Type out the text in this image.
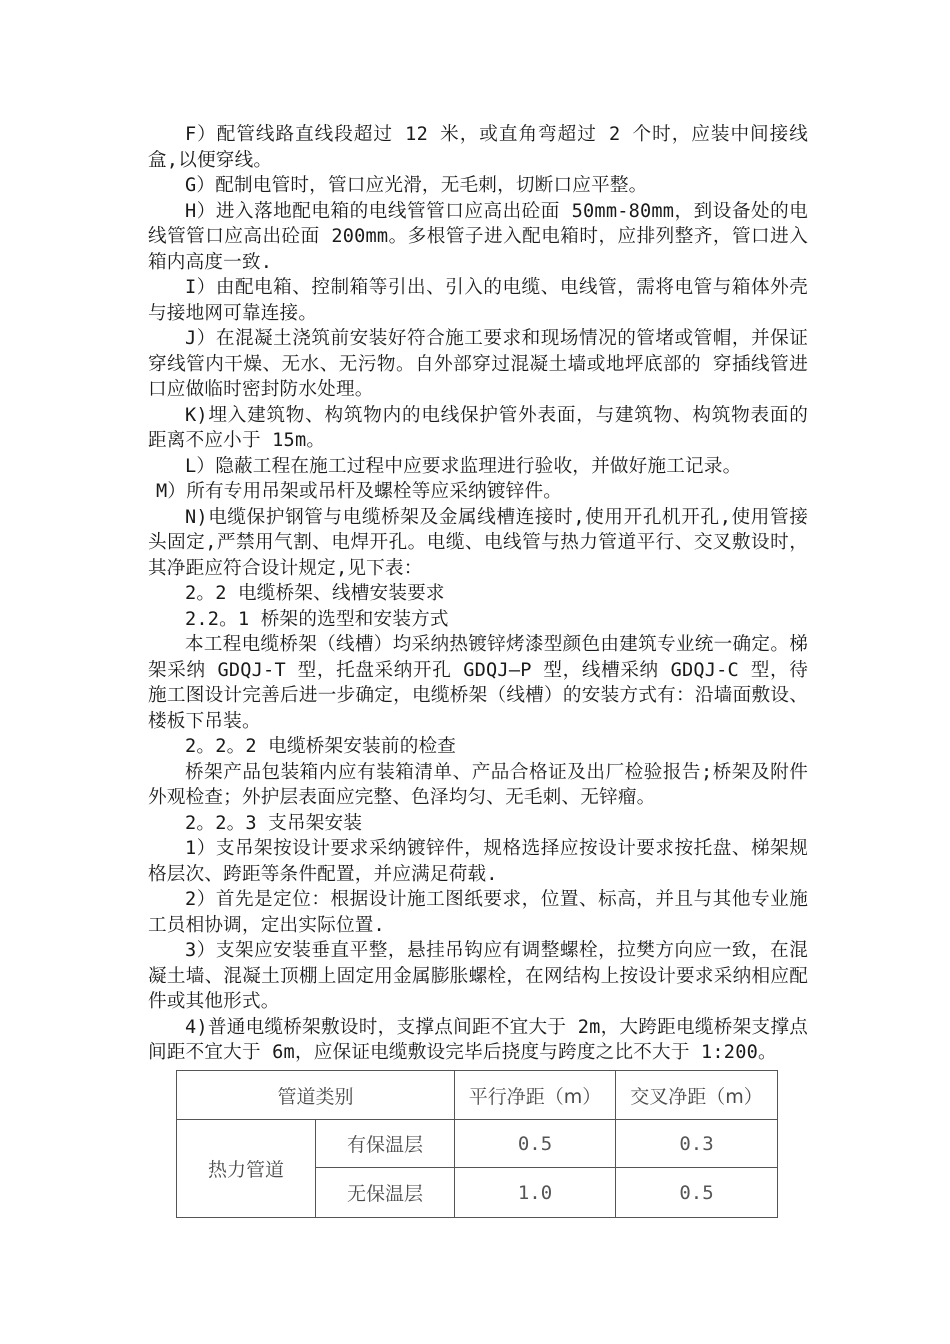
F）配管线路直线段超过 12 米，或直角弯超过 2 个时，应装中间接线盒,以便穿线。

G）配制电管时，管口应光滑，无毛刺，切断口应平整。

H）进入落地配电箱的电线管管口应高出砼面 50mm-80mm，到设备处的电线管管口应高出砼面 200mm。多根管子进入配电箱时，应排列整齐，管口进入箱内高度一致.

I）由配电箱、控制箱等引出、引入的电缆、电线管，需将电管与箱体外壳与接地网可靠连接。

J）在混凝土浇筑前安装好符合施工要求和现场情况的管堵或管帽，并保证穿线管内干燥、无水、无污物。自外部穿过混凝土墙或地坪底部的 穿插线管进口应做临时密封防水处理。

K)埋入建筑物、构筑物内的电线保护管外表面，与建筑物、构筑物表面的距离不应小于 15m。

L）隐蔽工程在施工过程中应要求监理进行验收，并做好施工记录。

M）所有专用吊架或吊杆及螺栓等应采纳镀锌件。

N)电缆保护钢管与电缆桥架及金属线槽连接时,使用开孔机开孔,使用管接头固定,严禁用气割、电焊开孔。电缆、电线管与热力管道平行、交叉敷设时，其净距应符合设计规定,见下表：

2。2 电缆桥架、线槽安装要求

2.2。1 桥架的选型和安装方式

本工程电缆桥架（线槽）均采纳热镀锌烤漆型颜色由建筑专业统一确定。梯架采纳 GDQJ-T 型，托盘采纳开孔 GDQJ—P 型，线槽采纳 GDQJ-C 型，待施工图设计完善后进一步确定，电缆桥架（线槽）的安装方式有：沿墙面敷设、楼板下吊装。

2。2。2 电缆桥架安装前的检查

桥架产品包装箱内应有装箱清单、产品合格证及出厂检验报告;桥架及附件外观检查；外护层表面应完整、色泽均匀、无毛刺、无锌瘤。

2。2。3 支吊架安装

1）支吊架按设计要求采纳镀锌件，规格选择应按设计要求按托盘、梯架规格层次、跨距等条件配置，并应满足荷载.

2）首先是定位：根据设计施工图纸要求，位置、标高，并且与其他专业施工员相协调，定出实际位置.

3）支架应安装垂直平整，悬挂吊钩应有调整螺栓，拉樊方向应一致，在混凝土墙、混凝土顶棚上固定用金属膨胀螺栓，在网结构上按设计要求采纳相应配件或其他形式。

4)普通电缆桥架敷设时，支撑点间距不宜大于 2m，大跨距电缆桥架支撑点间距不宜大于 6m，应保证电缆敷设完毕后挠度与跨度之比不大于 1:200。

管道类别		平行净距（m）	交叉净距（m）
热力管道	有保温层	0.5	0.3
	无保温层	1.0	0.5
